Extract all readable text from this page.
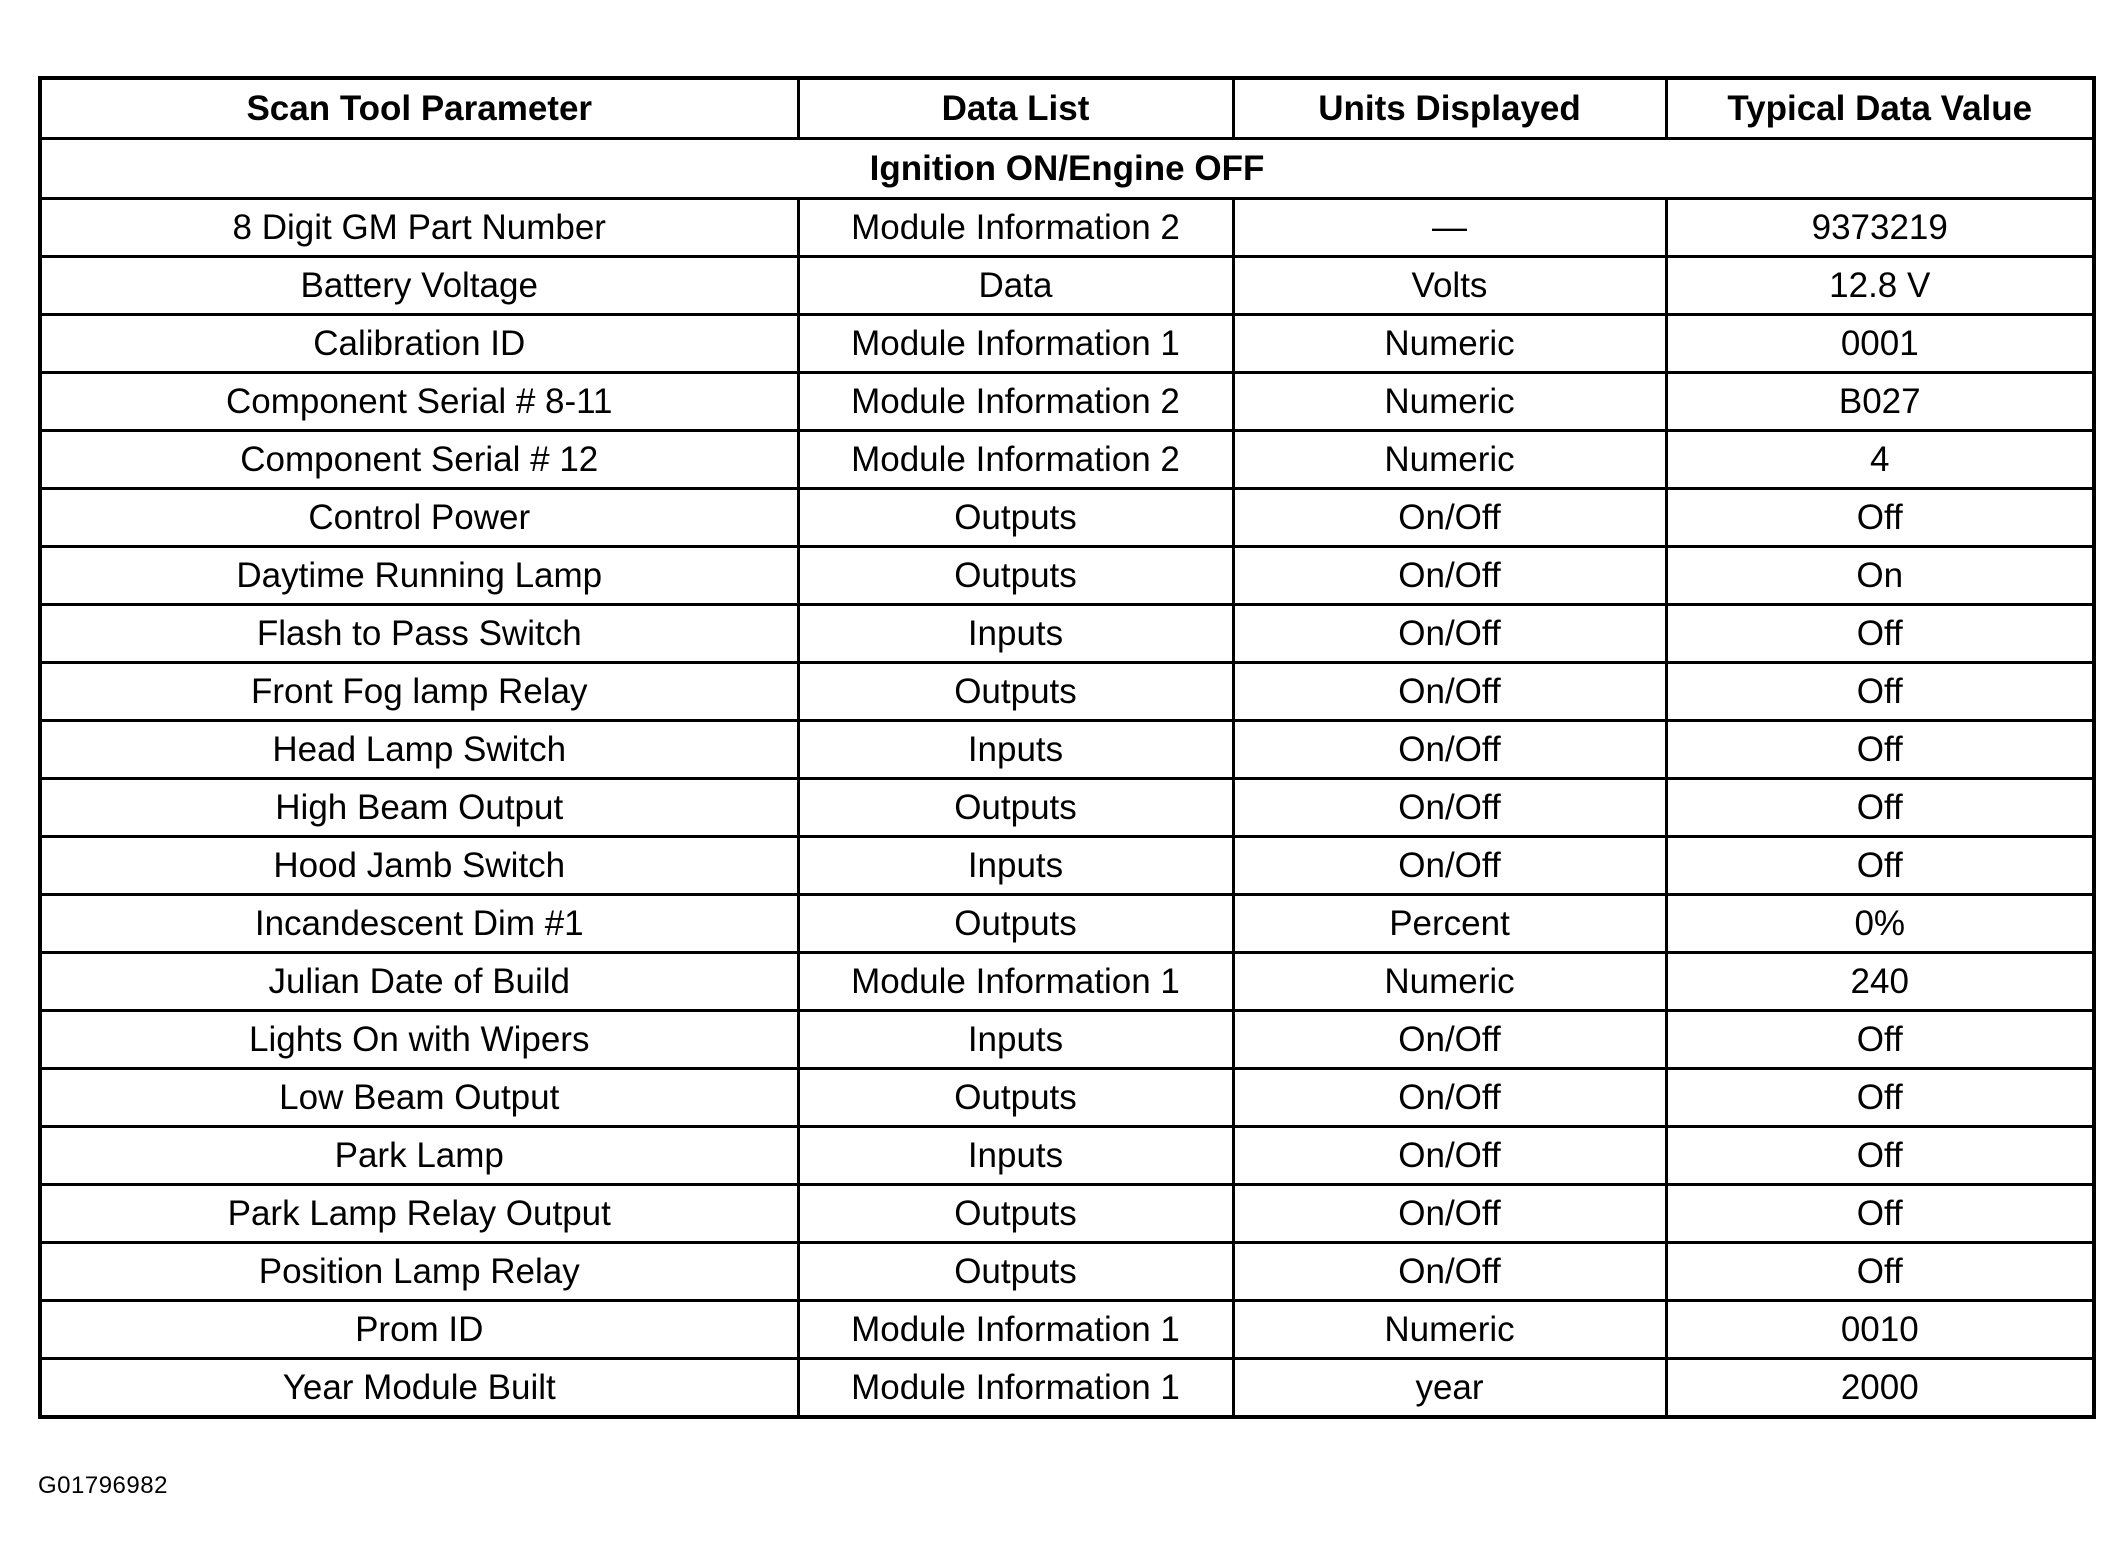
Scan Tool Parameter	Data List	Units Displayed	Typical Data Value
Ignition ON/Engine OFF			
8 Digit GM Part Number	Module Information 2	—	9373219
Battery Voltage	Data	Volts	12.8 V
Calibration ID	Module Information 1	Numeric	0001
Component Serial # 8-11	Module Information 2	Numeric	B027
Component Serial # 12	Module Information 2	Numeric	4
Control Power	Outputs	On/Off	Off
Daytime Running Lamp	Outputs	On/Off	On
Flash to Pass Switch	Inputs	On/Off	Off
Front Fog lamp Relay	Outputs	On/Off	Off
Head Lamp Switch	Inputs	On/Off	Off
High Beam Output	Outputs	On/Off	Off
Hood Jamb Switch	Inputs	On/Off	Off
Incandescent Dim #1	Outputs	Percent	0%
Julian Date of Build	Module Information 1	Numeric	240
Lights On with Wipers	Inputs	On/Off	Off
Low Beam Output	Outputs	On/Off	Off
Park Lamp	Inputs	On/Off	Off
Park Lamp Relay Output	Outputs	On/Off	Off
Position Lamp Relay	Outputs	On/Off	Off
Prom ID	Module Information 1	Numeric	0010
Year Module Built	Module Information 1	year	2000
G01796982
